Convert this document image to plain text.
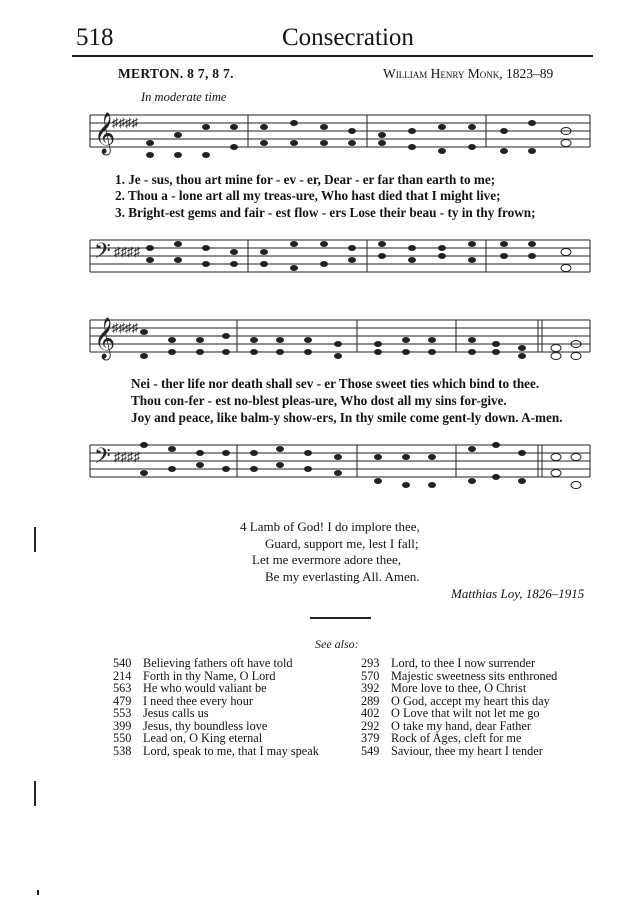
518	Consecration
MERTON. 8 7, 8 7.	William Henry Monk, 1823–89
In moderate time
𝄞
♯♯♯♯
1. Je - sus, thou art mine for - ev - er, Dear - er far than earth to me;
2. Thou a - lone art all my treas-ure, Who hast died that I might live;
3. Bright-est gems and fair - est flow - ers Lose their beau - ty in thy frown;
𝄢 ♯♯♯♯
𝄞
♯♯♯♯
Nei - ther life nor death shall sev - er Those sweet ties which bind to thee.
Thou con-fer - est no-blest pleas-ure, Who dost all my sins for-give.
Joy and peace, like balm-y show-ers, In thy smile come gent-ly down. A-men.
𝄢 ♯♯♯♯
4 Lamb of God! I do implore thee,
Guard, support me, lest I fall;
Let me evermore adore thee,
Be my everlasting All. Amen.
Matthias Loy, 1826–1915
See also:
540 Believing fathers oft have told
214 Forth in thy Name, O Lord
563 He who would valiant be
479 I need thee every hour
553 Jesus calls us
399 Jesus, thy boundless love
550 Lead on, O King eternal
538 Lord, speak to me, that I may speak
293 Lord, to thee I now surrender
570 Majestic sweetness sits enthroned
392 More love to thee, O Christ
289 O God, accept my heart this day
402 O Love that wilt not let me go
292 O take my hand, dear Father
379 Rock of Ages, cleft for me
549 Saviour, thee my heart I tender
